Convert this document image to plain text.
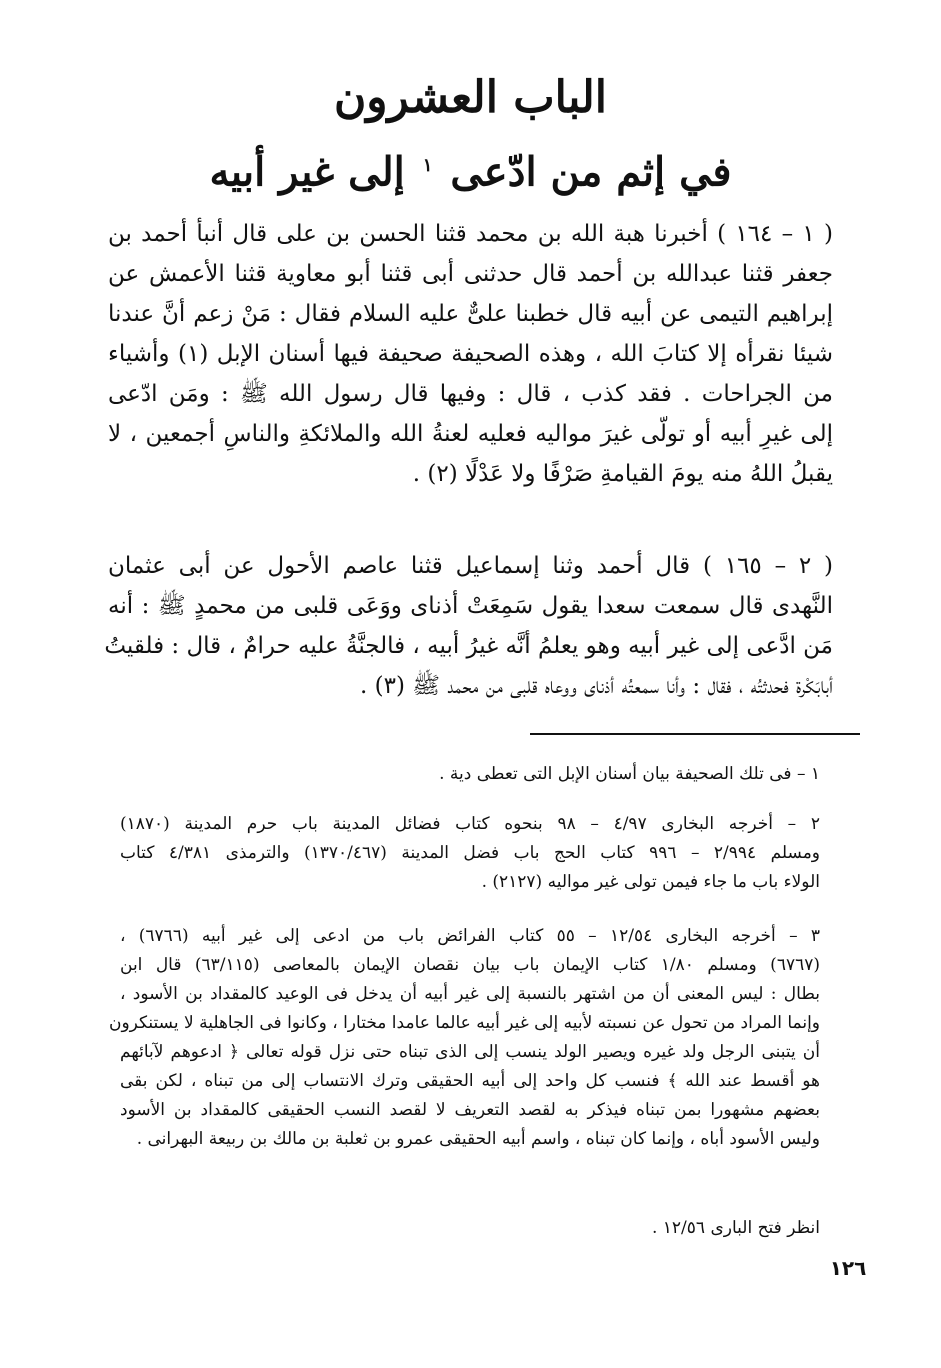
الباب العشرون
في إثم من ادّعى$^١$إلى غير أبيه
( ١ – ١٦٤ ) أخبرنا هبة الله بن محمد قثنا الحسن بن على قال أنبأ أحمد بن
جعفر قثنا عبدالله بن أحمد قال حدثنى أبى قثنا أبو معاوية قثنا الأعمش عن
إبراهيم التيمى عن أبيه قال خطبنا علىٌّ عليه السلام فقال : مَنْ زعم أنَّ عندنا
شيئا نقرأه إلا كتابَ الله ، وهذه الصحيفة صحيفة فيها أسنان الإبل (١) وأشياء
من الجراحات . فقد كذب ، قال : وفيها قال رسول الله ﷺ : ومَن ادّعى
إلى غيرِ أبيه أو تولّى غيرَ مواليه فعليه لعنةُ الله والملائكةِ والناسِ أجمعين ، لا
يقبلُ اللهُ منه يومَ القيامةِ صَرْفًا ولا عَدْلًا (٢) .
( ٢ – ١٦٥ ) قال أحمد وثنا إسماعيل قثنا عاصم الأحول عن أبى عثمان
النَّهدى قال سمعت سعدا يقول سَمِعَتْ أذناى ووَعَى قلبى من محمدٍ ﷺ : أنه
مَن ادَّعى إلى غير أبيه وهو يعلمُ أنَّه غيرُ أبيه ، فالجنَّةُ عليه حرامٌ ، قال : فلقيتُ
أبابَكْرة فحدثتُه ، فقال : وأنا سمعتُه أذناى ووعاه قلبى من محمد ﷺ (٣) .
١ – فى تلك الصحيفة بيان أسنان الإبل التى تعطى دية .
٢ – أخرجه البخارى ٤/٩٧ – ٩٨ بنحوه كتاب فضائل المدينة باب حرم المدينة (١٨٧٠)
ومسلم ٢/٩٩٤ – ٩٩٦ كتاب الحج باب فضل المدينة (١٣٧٠/٤٦٧) والترمذى ٤/٣٨١ كتاب
الولاء باب ما جاء فيمن تولى غير مواليه (٢١٢٧) .
٣ – أخرجه البخارى ١٢/٥٤ – ٥٥ كتاب الفرائض باب من ادعى إلى غير أبيه (٦٧٦٦) ،
(٦٧٦٧) ومسلم ١/٨٠ كتاب الإيمان باب بيان نقصان الإيمان بالمعاصى (٦٣/١١٥) قال ابن
بطال : ليس المعنى أن من اشتهر بالنسبة إلى غير أبيه أن يدخل فى الوعيد كالمقداد بن الأسود ،
وإنما المراد من تحول عن نسبته لأبيه إلى غير أبيه عالما عامدا مختارا ، وكانوا فى الجاهلية لا يستنكرون
أن يتبنى الرجل ولد غيره ويصير الولد ينسب إلى الذى تبناه حتى نزل قوله تعالى ﴿ ادعوهم لآبائهم
هو أقسط عند الله ﴾ فنسب كل واحد إلى أبيه الحقيقى وترك الانتساب إلى من تبناه ، لكن بقى
بعضهم مشهورا بمن تبناه فيذكر به لقصد التعريف لا لقصد النسب الحقيقى كالمقداد بن الأسود
وليس الأسود أباه ، وإنما كان تبناه ، واسم أبيه الحقيقى عمرو بن ثعلبة بن مالك بن ربيعة البهرانى .
انظر فتح البارى ١٢/٥٦ .
١٢٦
